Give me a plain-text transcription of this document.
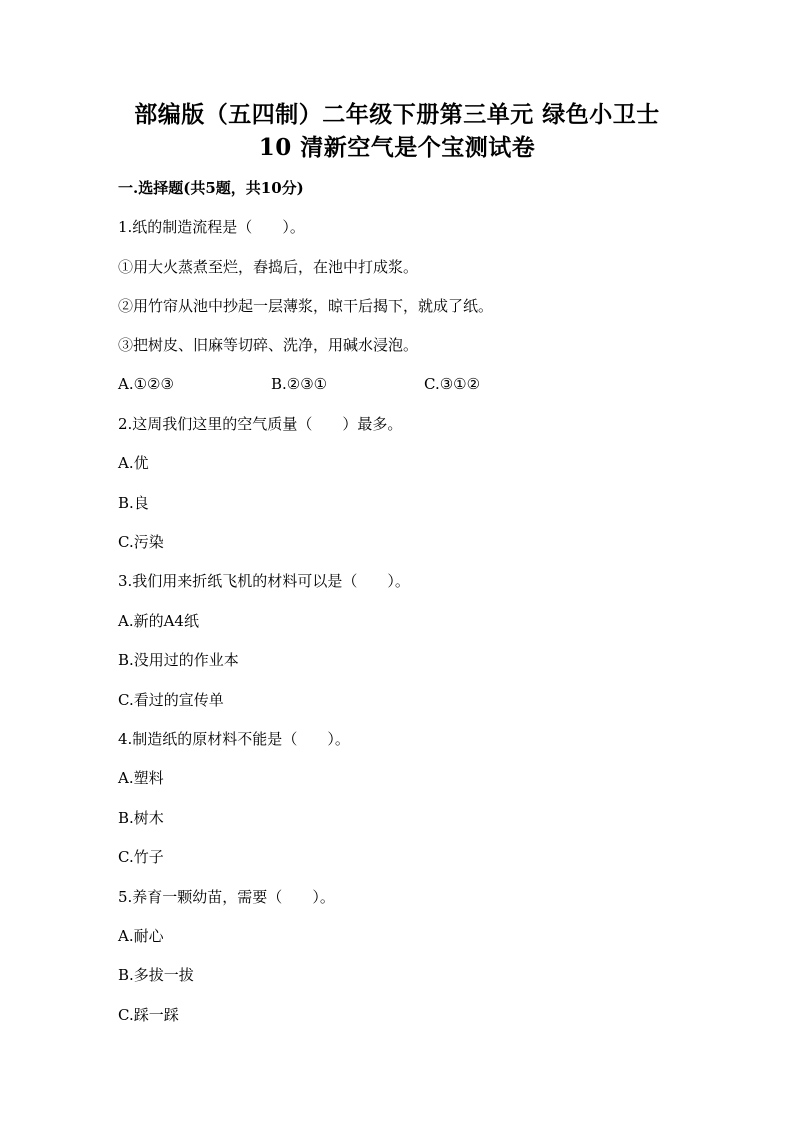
部编版（五四制）二年级下册第三单元 绿色小卫士
10 清新空气是个宝测试卷
一.选择题(共5题，共10分)
1.纸的制造流程是（　　）。
①用大火蒸煮至烂，舂捣后，在池中打成浆。
②用竹帘从池中抄起一层薄浆，晾干后揭下，就成了纸。
③把树皮、旧麻等切碎、洗净，用碱水浸泡。
A.①②③	B.②③①	C.③①②
2.这周我们这里的空气质量（　　）最多。
A.优
B.良
C.污染
3.我们用来折纸飞机的材料可以是（　　）。
A.新的A4纸
B.没用过的作业本
C.看过的宣传单
4.制造纸的原材料不能是（　　）。
A.塑料
B.树木
C.竹子
5.养育一颗幼苗，需要（　　）。
A.耐心
B.多拔一拔
C.踩一踩
